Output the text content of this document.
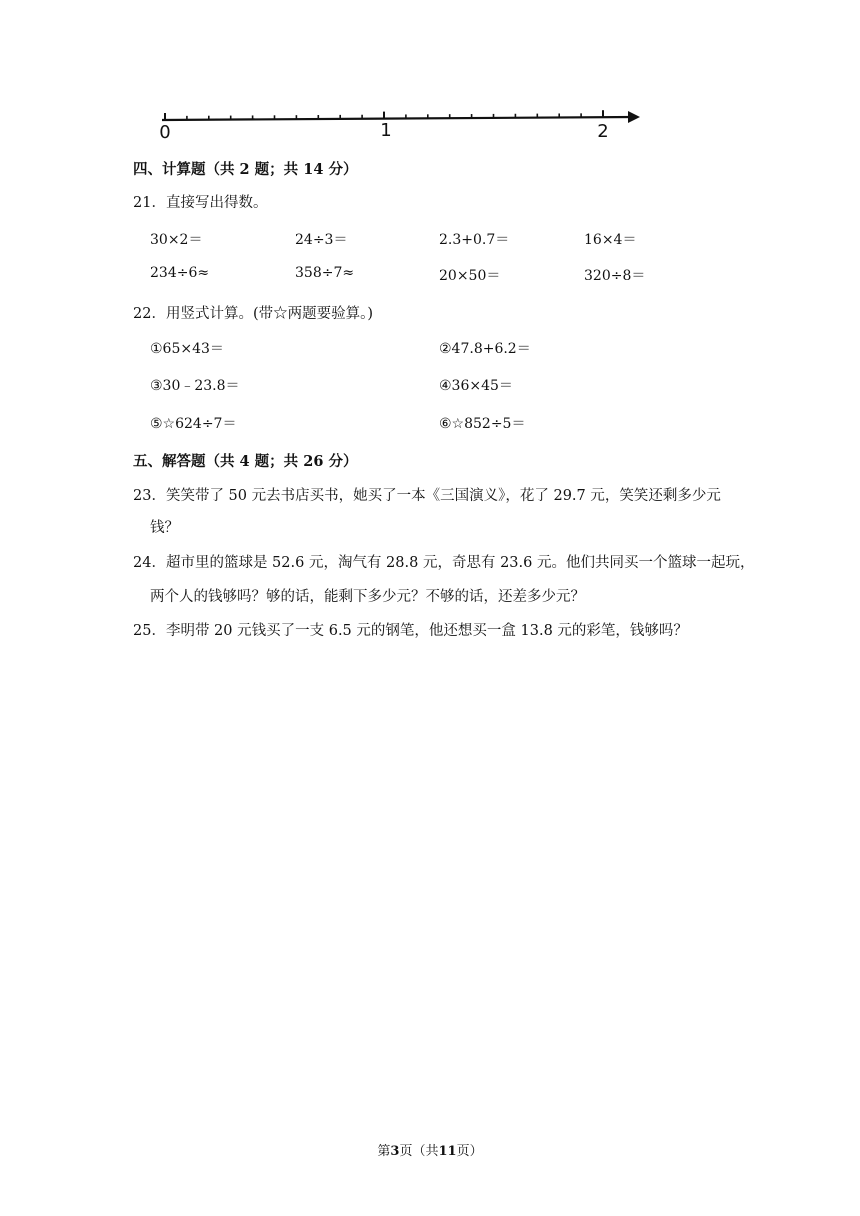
0	1	2
四、计算题（共 2 题；共 14 分）
21．直接写出得数。
30×2＝	24÷3＝	2.3+0.7＝	16×4＝
234÷6≈	358÷7≈	20×50＝	320÷8＝
22．用竖式计算。(带☆两题要验算。)
①65×43＝	②47.8+6.2＝
③30﹣23.8＝	④36×45＝
⑤☆624÷7＝	⑥☆852÷5＝
五、解答题（共 4 题；共 26 分）
23．笑笑带了 50 元去书店买书，她买了一本《三国演义》，花了 29.7 元，笑笑还剩多少元
钱？
24．超市里的篮球是 52.6 元，淘气有 28.8 元，奇思有 23.6 元。他们共同买一个篮球一起玩，
两个人的钱够吗？够的话，能剩下多少元？不够的话，还差多少元？
25．李明带 20 元钱买了一支 6.5 元的钢笔，他还想买一盒 13.8 元的彩笔，钱够吗？
第3页（共11页）
